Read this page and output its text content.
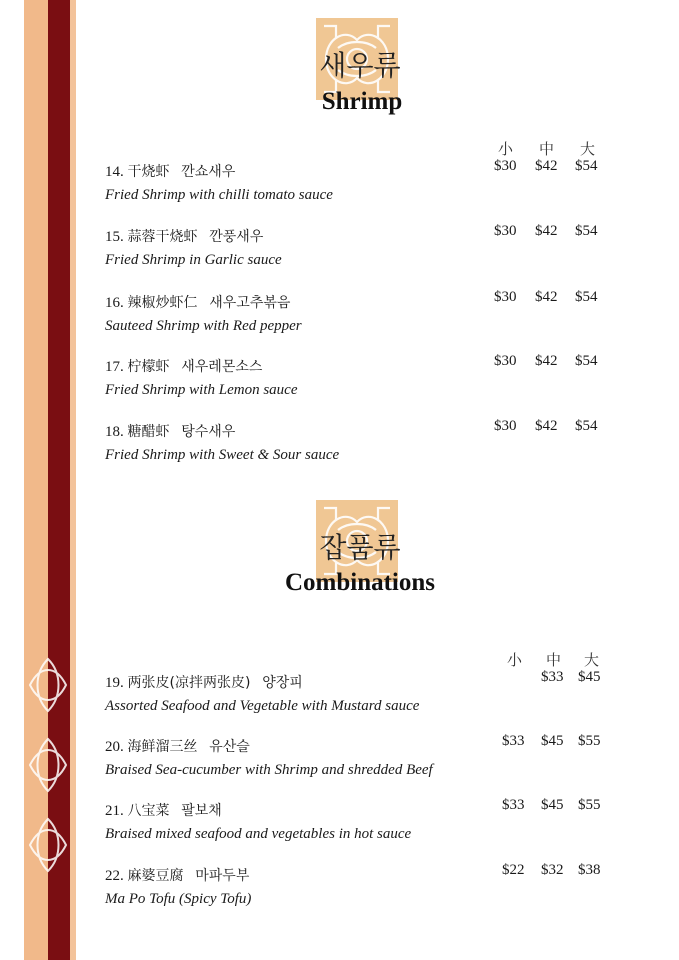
새우류
Shrimp
小 中 大
14. 干烧虾 깐쇼새우
Fried Shrimp with chilli tomato sauce
$30 $42 $54
15. 蒜蓉干烧虾 깐풍새우
Fried Shrimp in Garlic sauce
$30 $42 $54
16. 辣椒炒虾仁 새우고추볶음
Sauteed Shrimp with Red pepper
$30 $42 $54
17. 柠檬虾 새우레몬소스
Fried Shrimp with Lemon sauce
$30 $42 $54
18. 糖醋虾 탕수새우
Fried Shrimp with Sweet & Sour sauce
$30 $42 $54
잡품류
Combinations
小 中 大
19. 两张皮(凉拌两张皮) 양장피
Assorted Seafood and Vegetable with Mustard sauce
$33 $45
20. 海鲜溜三丝 유산슬
Braised Sea-cucumber with Shrimp and shredded Beef
$33 $45 $55
21. 八宝菜 팔보채
Braised mixed seafood and vegetables in hot sauce
$33 $45 $55
22. 麻婆豆腐 마파두부
Ma Po Tofu (Spicy Tofu)
$22 $32 $38
